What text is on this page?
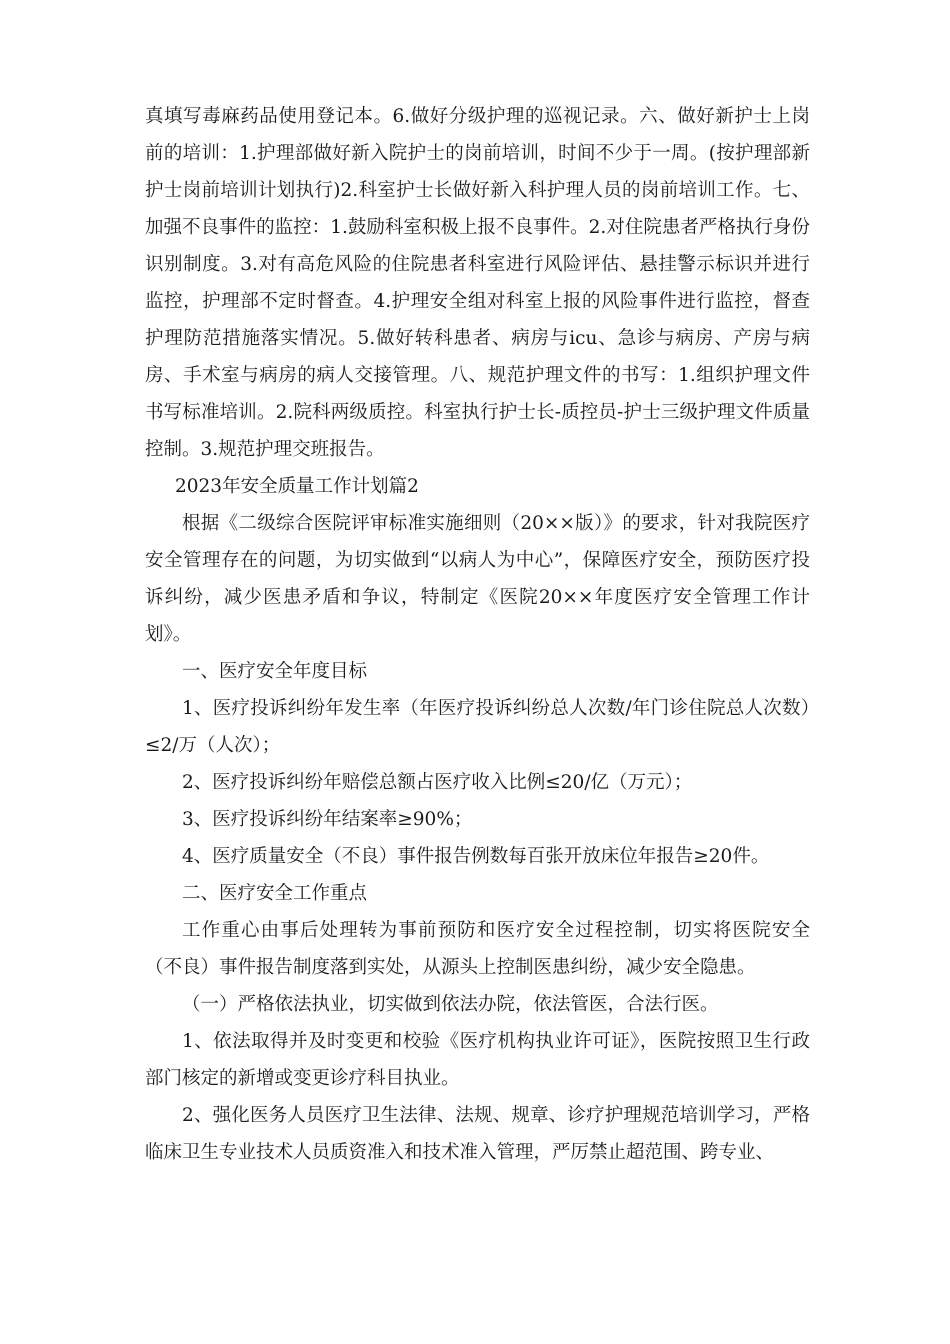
真填写毒麻药品使用登记本。6.做好分级护理的巡视记录。六、做好新护士上岗前的培训：1.护理部做好新入院护士的岗前培训，时间不少于一周。(按护理部新护士岗前培训计划执行)2.科室护士长做好新入科护理人员的岗前培训工作。七、加强不良事件的监控：1.鼓励科室积极上报不良事件。2.对住院患者严格执行身份识别制度。3.对有高危风险的住院患者科室进行风险评估、悬挂警示标识并进行监控，护理部不定时督查。4.护理安全组对科室上报的风险事件进行监控，督查护理防范措施落实情况。5.做好转科患者、病房与icu、急诊与病房、产房与病房、手术室与病房的病人交接管理。八、规范护理文件的书写：1.组织护理文件书写标准培训。2.院科两级质控。科室执行护士长-质控员-护士三级护理文件质量控制。3.规范护理交班报告。

2023年安全质量工作计划篇2

根据《二级综合医院评审标准实施细则（20××版）》的要求，针对我院医疗安全管理存在的问题，为切实做到“以病人为中心”，保障医疗安全，预防医疗投诉纠纷，减少医患矛盾和争议，特制定《医院20××年度医疗安全管理工作计划》。

一、医疗安全年度目标

1、医疗投诉纠纷年发生率（年医疗投诉纠纷总人次数/年门诊住院总人次数）≤2/万（人次）；

2、医疗投诉纠纷年赔偿总额占医疗收入比例≤20/亿（万元）；

3、医疗投诉纠纷年结案率≥90%；

4、医疗质量安全（不良）事件报告例数每百张开放床位年报告≥20件。

二、医疗安全工作重点

工作重心由事后处理转为事前预防和医疗安全过程控制，切实将医院安全（不良）事件报告制度落到实处，从源头上控制医患纠纷，减少安全隐患。

（一）严格依法执业，切实做到依法办院，依法管医，合法行医。

1、依法取得并及时变更和校验《医疗机构执业许可证》，医院按照卫生行政部门核定的新增或变更诊疗科目执业。

2、强化医务人员医疗卫生法律、法规、规章、诊疗护理规范培训学习，严格临床卫生专业技术人员质资准入和技术准入管理，严厉禁止超范围、跨专业、
